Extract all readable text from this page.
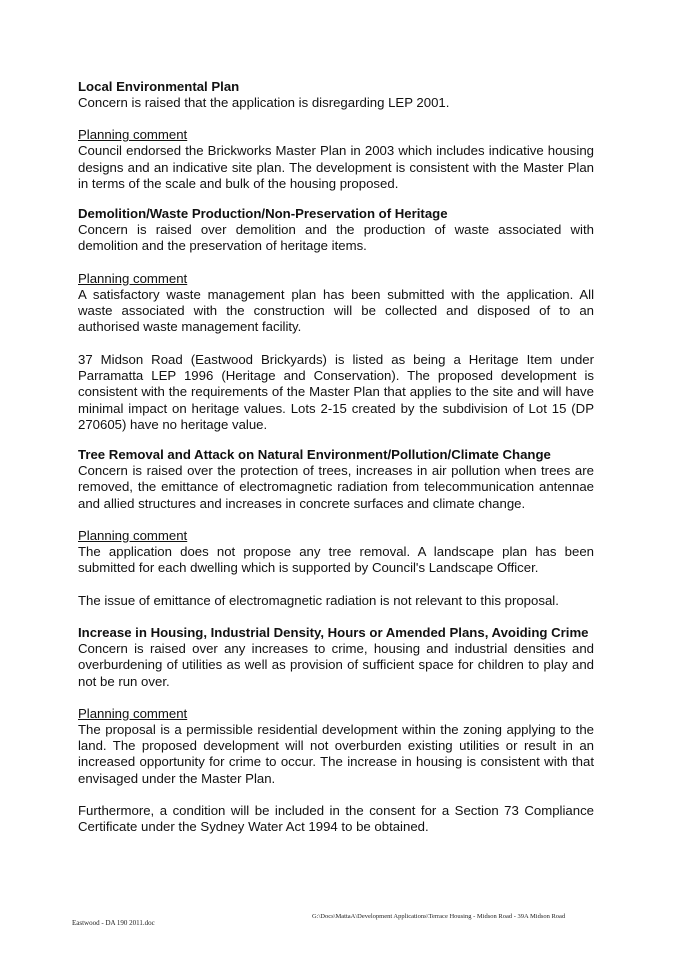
Local Environmental Plan

Concern is raised that the application is disregarding LEP 2001.

Planning comment

Council endorsed the Brickworks Master Plan in 2003 which includes indicative housing designs and an indicative site plan. The development is consistent with the Master Plan in terms of the scale and bulk of the housing proposed.

Demolition/Waste Production/Non-Preservation of Heritage

Concern is raised over demolition and the production of waste associated with demolition and the preservation of heritage items.

Planning comment

A satisfactory waste management plan has been submitted with the application. All waste associated with the construction will be collected and disposed of to an authorised waste management facility.

37 Midson Road (Eastwood Brickyards) is listed as being a Heritage Item under Parramatta LEP 1996 (Heritage and Conservation). The proposed development is consistent with the requirements of the Master Plan that applies to the site and will have minimal impact on heritage values. Lots 2-15 created by the subdivision of Lot 15 (DP 270605) have no heritage value.

Tree Removal and Attack on Natural Environment/Pollution/Climate Change

Concern is raised over the protection of trees, increases in air pollution when trees are removed, the emittance of electromagnetic radiation from telecommunication antennae and allied structures and increases in concrete surfaces and climate change.

Planning comment

The application does not propose any tree removal. A landscape plan has been submitted for each dwelling which is supported by Council's Landscape Officer.

The issue of emittance of electromagnetic radiation is not relevant to this proposal.

Increase in Housing, Industrial Density, Hours or Amended Plans, Avoiding Crime

Concern is raised over any increases to crime, housing and industrial densities and overburdening of utilities as well as provision of sufficient space for children to play and not be run over.

Planning comment

The proposal is a permissible residential development within the zoning applying to the land. The proposed development will not overburden existing utilities or result in an increased opportunity for crime to occur. The increase in housing is consistent with that envisaged under the Master Plan.

Furthermore, a condition will be included in the consent for a Section 73 Compliance Certificate under the Sydney Water Act 1994 to be obtained.

Eastwood - DA 190 2011.doc
G:\Docs\MattaA\Development Applications\Terrace Housing - Midson Road - 39A Midson Road
